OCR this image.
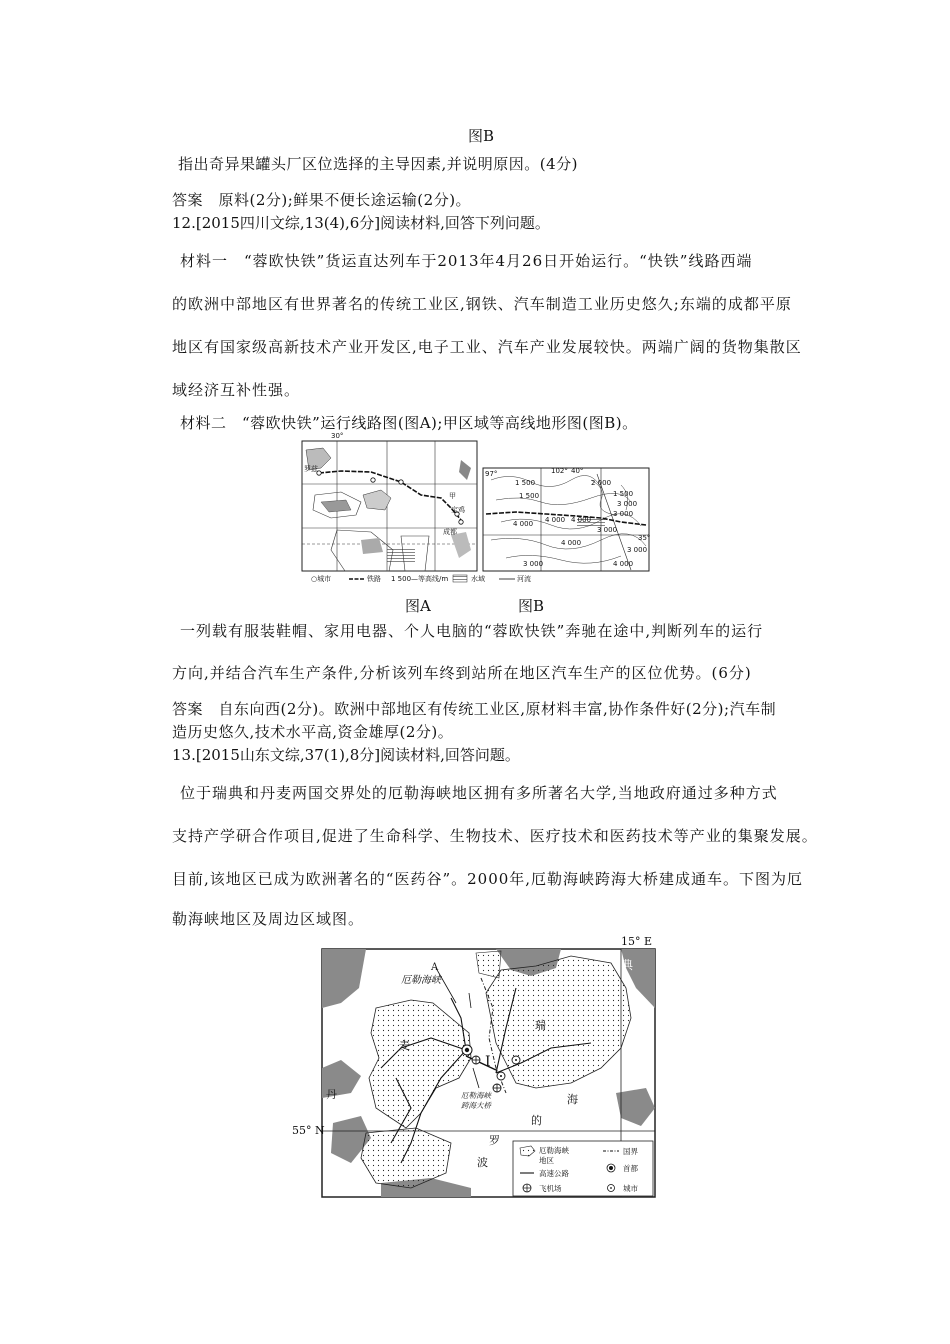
图B
指出奇异果罐头厂区位选择的主导因素,并说明原因。(4分)
答案　原料(2分);鲜果不便长途运输(2分)。
12.[2015四川文综,13(4),6分]阅读材料,回答下列问题。
材料一　“蓉欧快铁”货运直达列车于2013年4月26日开始运行。“快铁”线路西端
的欧洲中部地区有世界著名的传统工业区,钢铁、汽车制造工业历史悠久;东端的成都平原
地区有国家级高新技术产业开发区,电子工业、汽车产业发展较快。两端广阔的货物集散区
域经济互补性强。
材料二　“蓉欧快铁”运行线路图(图A);甲区域等高线地形图(图B)。
30°
罗兹
甲
宝鸡
成都
97°	102° 40°
35°
1 500
1 500
2 000
1 500
3 000
4 000 4 000
3 000
4 000
3 000
4 000
3 000
3 000	4 000
○城市	铁路 1 500—等高线/m	水域	河流
图A	图B
一列载有服装鞋帽、家用电器、个人电脑的“蓉欧快铁”奔驰在途中,判断列车的运行
方向,并结合汽车生产条件,分析该列车终到站所在地区汽车生产的区位优势。(6分)
答案　自东向西(2分)。欧洲中部地区有传统工业区,原材料丰富,协作条件好(2分);汽车制
造历史悠久,技术水平高,资金雄厚(2分)。
13.[2015山东文综,37(1),8分]阅读材料,回答问题。
位于瑞典和丹麦两国交界处的厄勒海峡地区拥有多所著名大学,当地政府通过多种方式
支持产学研合作项目,促进了生命科学、生物技术、医疗技术和医药技术等产业的集聚发展。
目前,该地区已成为欧洲著名的“医药谷”。2000年,厄勒海峡跨海大桥建成通车。下图为厄
勒海峡地区及周边区域图。
15° E
A
厄勒海峡
Ⅰ
厄勒海峡
跨海大桥
典
瑞
麦
丹	海
的
罗
波
厄勒海峡
地区
高速公路
飞机场
国界
首都
城市
55° N
